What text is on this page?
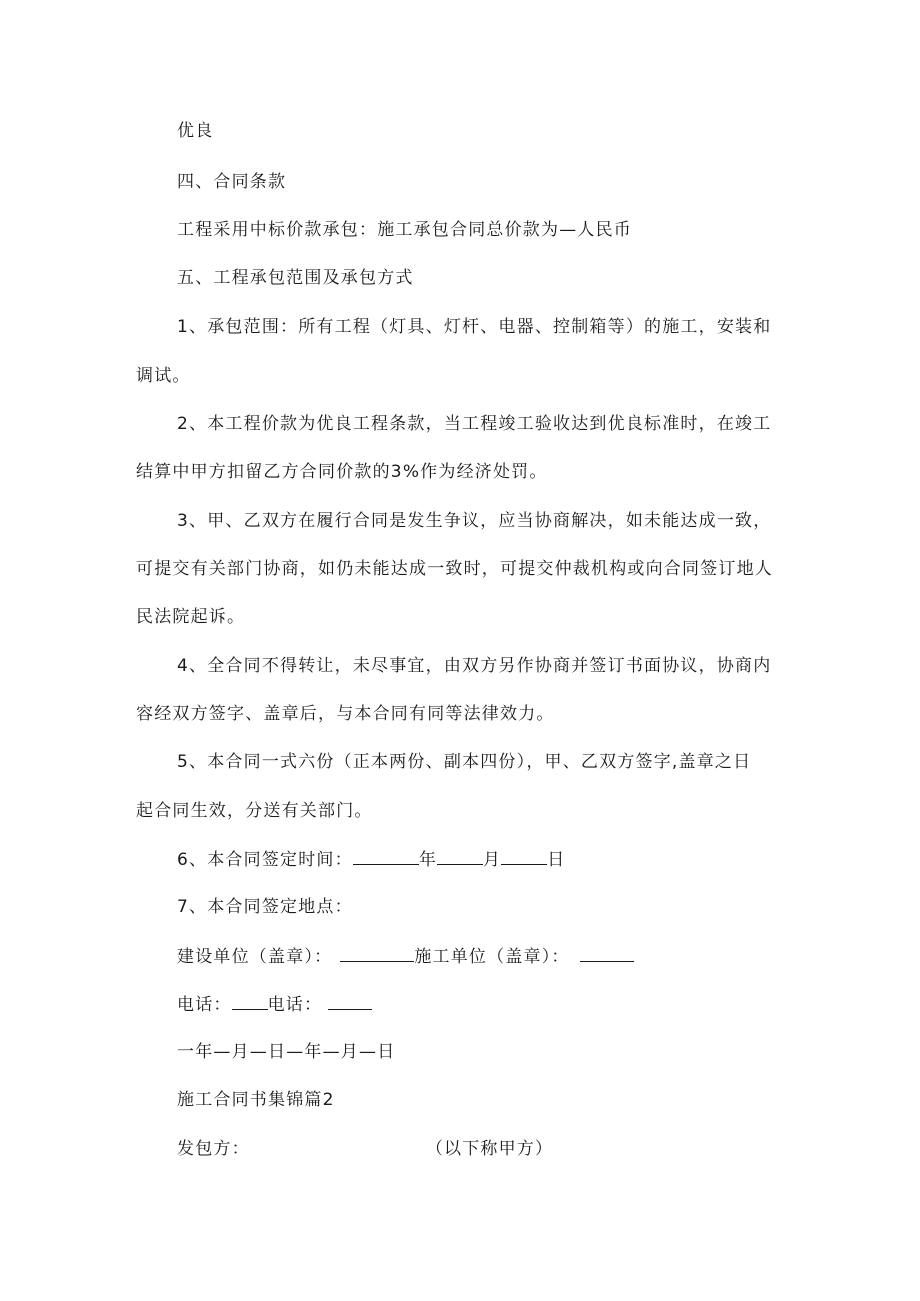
优良
四、合同条款
工程采用中标价款承包：施工承包合同总价款为—人民币
五、工程承包范围及承包方式
1、承包范围：所有工程（灯具、灯杆、电器、控制箱等）的施工，安装和
调试。
2、本工程价款为优良工程条款，当工程竣工验收达到优良标准时，在竣工
结算中甲方扣留乙方合同价款的3%作为经济处罚。
3、甲、乙双方在履行合同是发生争议，应当协商解决，如未能达成一致，
可提交有关部门协商，如仍未能达成一致时，可提交仲裁机构或向合同签订地人
民法院起诉。
4、全合同不得转让，未尽事宜，由双方另作协商并签订书面协议，协商内
容经双方签字、盖章后，与本合同有同等法律效力。
5、本合同一式六份（正本两份、副本四份），甲、乙双方签字,盖章之日
起合同生效，分送有关部门。
6、本合同签定时间：	年	月	日
7、本合同签定地点：
建设单位（盖章）：	施工单位（盖章）：
电话： 电话：
一年—月—日—年—月—日
施工合同书集锦篇2
发包方：	（以下称甲方）
